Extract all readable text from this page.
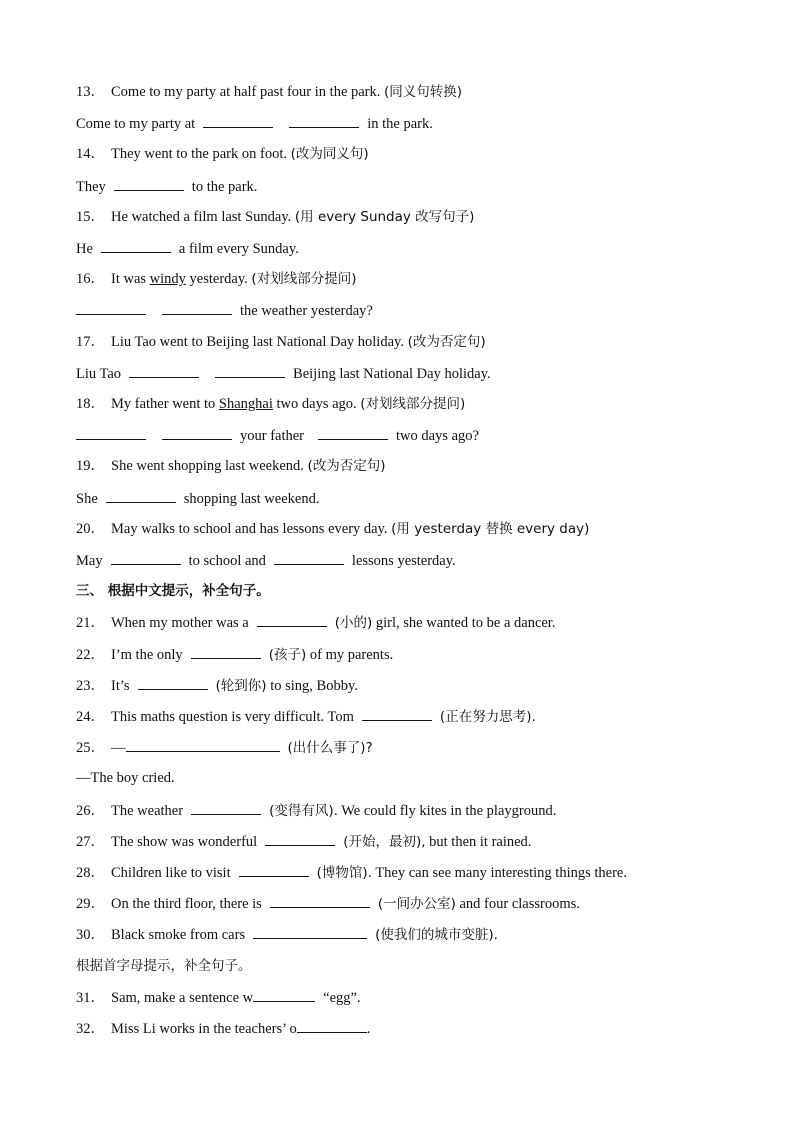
13． Come to my party at half past four in the park. (同义句转换)
Come to my party at	in the park.
14． They went to the park on foot. (改为同义句)
They	to the park.
15． He watched a film last Sunday. (用 every Sunday 改写句子)
He	a film every Sunday.
16． It was windy yesterday. (对划线部分提问)
the weather yesterday?
17． Liu Tao went to Beijing last National Day holiday. (改为否定句)
Liu Tao	Beijing last National Day holiday.
18． My father went to Shanghai two days ago. (对划线部分提问)
your father	two days ago?
19． She went shopping last weekend. (改为否定句)
She	shopping last weekend.
20． May walks to school and has lessons every day. (用 yesterday 替换 every day)
May	to school and	lessons yesterday.
三、 根据中文提示，补全句子。
21． When my mother was a	(小的) girl, she wanted to be a dancer.
22． I’m the only	(孩子) of my parents.
23． It’s	(轮到你) to sing, Bobby.
24． This maths question is very difficult. Tom	(正在努力思考).
25． —	(出什么事了)?
—The boy cried.
26． The weather	(变得有风). We could fly kites in the playground.
27． The show was wonderful	(开始，最初), but then it rained.
28． Children like to visit	(博物馆). They can see many interesting things there.
29． On the third floor, there is	(一间办公室) and four classrooms.
30． Black smoke from cars	(使我们的城市变脏).
根据首字母提示，补全句子。
31． Sam, make a sentence w	“egg”.
32． Miss Li works in the teachers’ o	.
